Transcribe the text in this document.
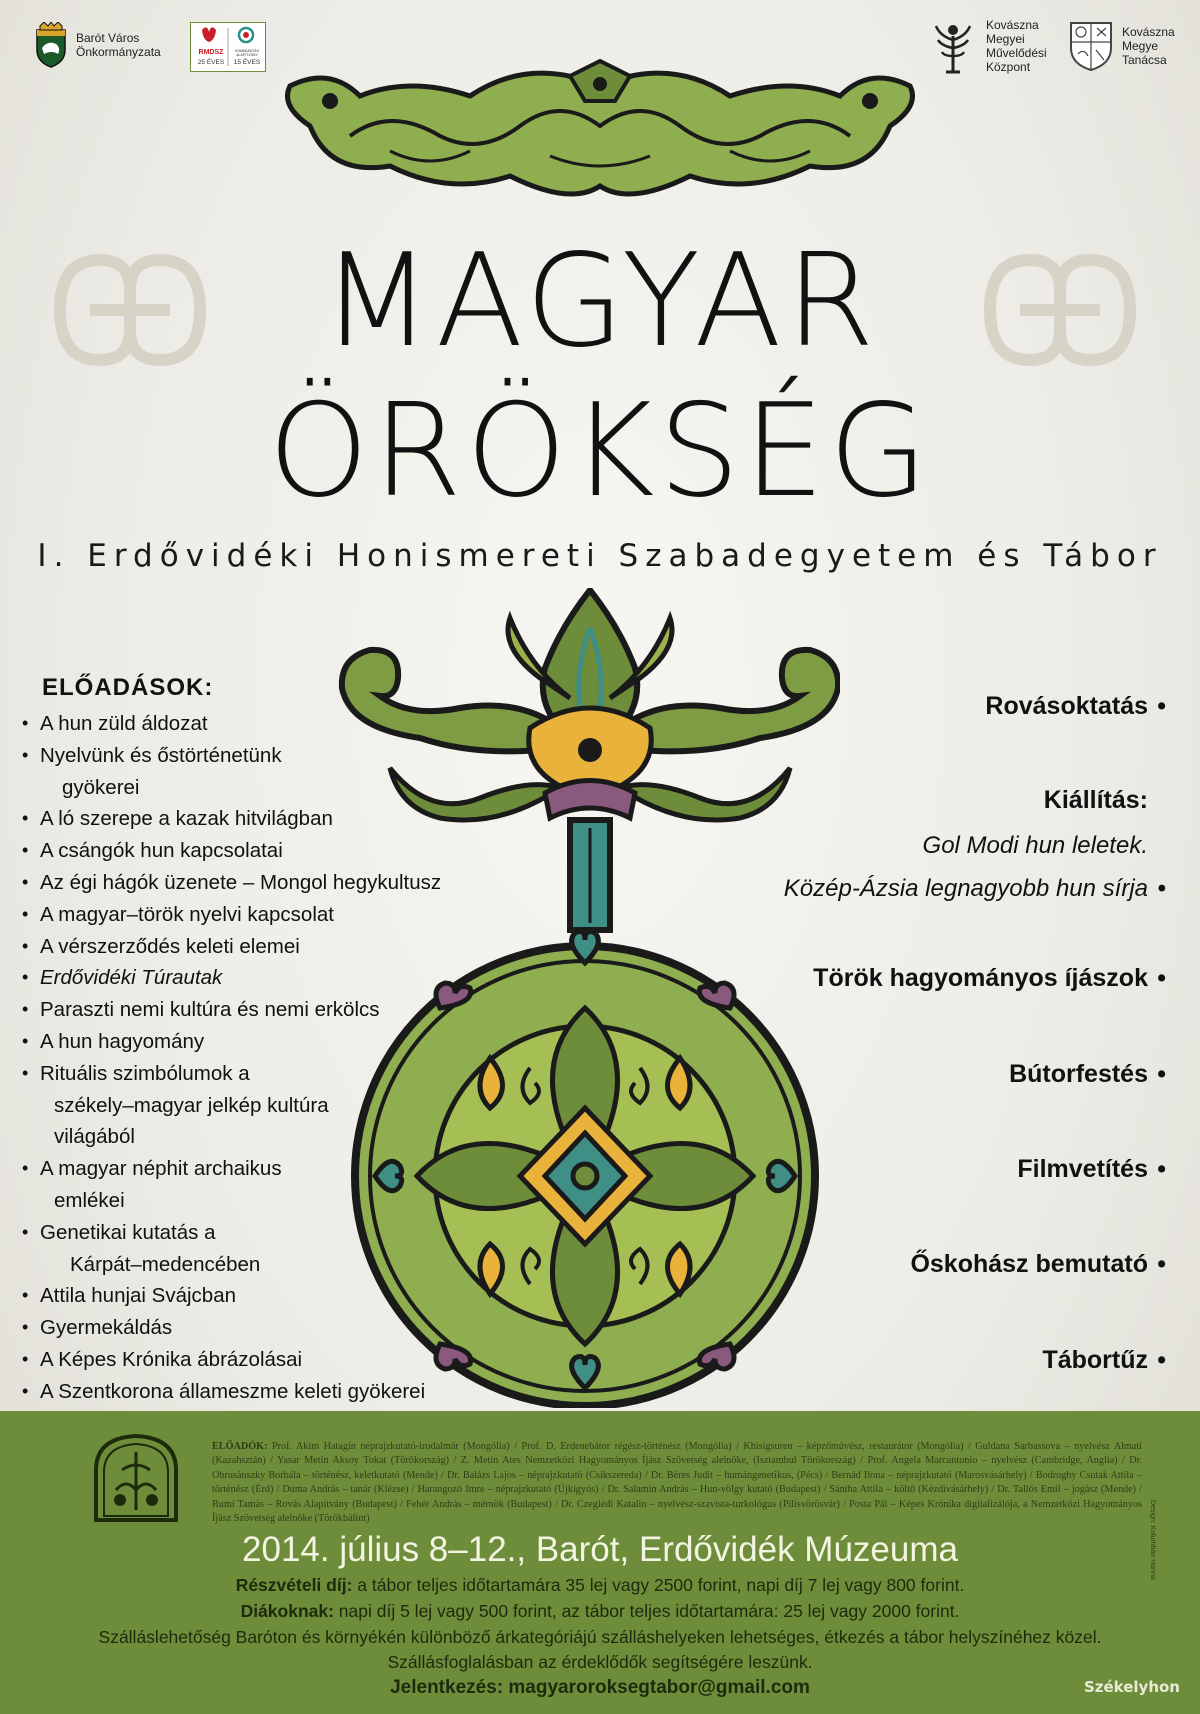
Barót Város
Önkormányzata	RMDSZ
25 ÉVES
KOMMUNITÁS ALAPÍTVÁNY
15 ÉVES
Kovászna
Megyei
Művelődési
Központ
Kovászna
Megye
Tanácsa
MAGYAR
ÖRÖKSÉG
I. Erdővidéki Honismereti Szabadegyetem és Tábor
ELŐADÁSOK:
• A hun züld áldozat
• Nyelvünk és őstörténetünk
gyökerei
• A ló szerepe a kazak hitvilágban
• A csángók hun kapcsolatai
• Az égi hágók üzenete – Mongol hegykultusz
• A magyar–török nyelvi kapcsolat
• A vérszerződés keleti elemei
• Erdővidéki Túrautak
• Paraszti nemi kultúra és nemi erkölcs
• A hun hagyomány
• Rituális szimbólumok a
székely–magyar jelkép kultúra
világából
• A magyar néphit archaikus
emlékei
• Genetikai kutatás a
Kárpát–medencében
• Attila hunjai Svájcban
• Gyermekáldás
• A Képes Krónika ábrázolásai
• A Szentkorona állameszme keleti gyökerei
Rovásoktatás •
Kiállítás:
Gol Modi hun leletek.
Közép-Ázsia legnagyobb hun sírja •
Török hagyományos íjászok •
Bútorfestés •
Filmvetítés •
Őskohász bemutató •
Tábortűz •
ELŐADÓK: Prof. Akim Hatagin néprajzkutató-irodalmár (Mongólia) / Prof. D. Erdenebátor régész-történész (Mongólia) / Khisigsuren – képzőművész, restaurátor (Mongólia) / Guldana Sarbassova – nyelvész Almati (Kazahsztán) / Yasar Metin Aksoy Tokat (Törökország) / Z. Metin Ates Nemzetközi Hagyományos Íjász Szövetség alelnöke, (Isztambul Törökország) / Prof. Angela Marcantonio – nyelvész (Cambridge, Anglia) / Dr. Obrusánszky Borbála – történész, keletkutató (Mende) / Dr. Balázs Lajos – néprajzkutató (Csíkszereda) / Dr. Béres Judit – humángenetikus, (Pécs) / Bernád Ilona – néprajzkutató (Marosvásárhely) / Bodroghy Csutak Attila – történész (Érd) / Duma András – tanár (Klézse) / Harangozó Imre – néprajzkutató (Újkígyós) / Dr. Salamin András – Hun-völgy kutató (Budapest) / Sántha Attila – költő (Kézdivásárhely) / Dr. Tallós Emil – jogász (Mende) / Rumi Tamás – Rovás Alapítvány (Budapest) / Fehér András – mérnök (Budapest) / Dr. Czeglédi Katalin – nyelvész-szavista-turkológus (Pilisvörösvár) / Posta Pál – Képes Krónika digitalizálója, a Nemzetközi Hagyományos Íjász Szövetség alelnöke (Törökbálint)	Design: Kolumbán Hanna
2014. július 8–12., Barót, Erdővidék Múzeuma
Részvételi díj: a tábor teljes időtartamára 35 lej vagy 2500 forint, napi díj 7 lej vagy 800 forint.
Diákoknak: napi díj 5 lej vagy 500 forint, az tábor teljes időtartamára: 25 lej vagy 2000 forint.
Szálláslehetőség Baróton és környékén különböző árkategóriájú szálláshelyeken lehetséges, étkezés a tábor helyszínéhez közel.
Szállásfoglalásban az érdeklődők segítségére leszünk.
Jelentkezés: magyaroroksegtabor@gmail.com	Székelyhon
